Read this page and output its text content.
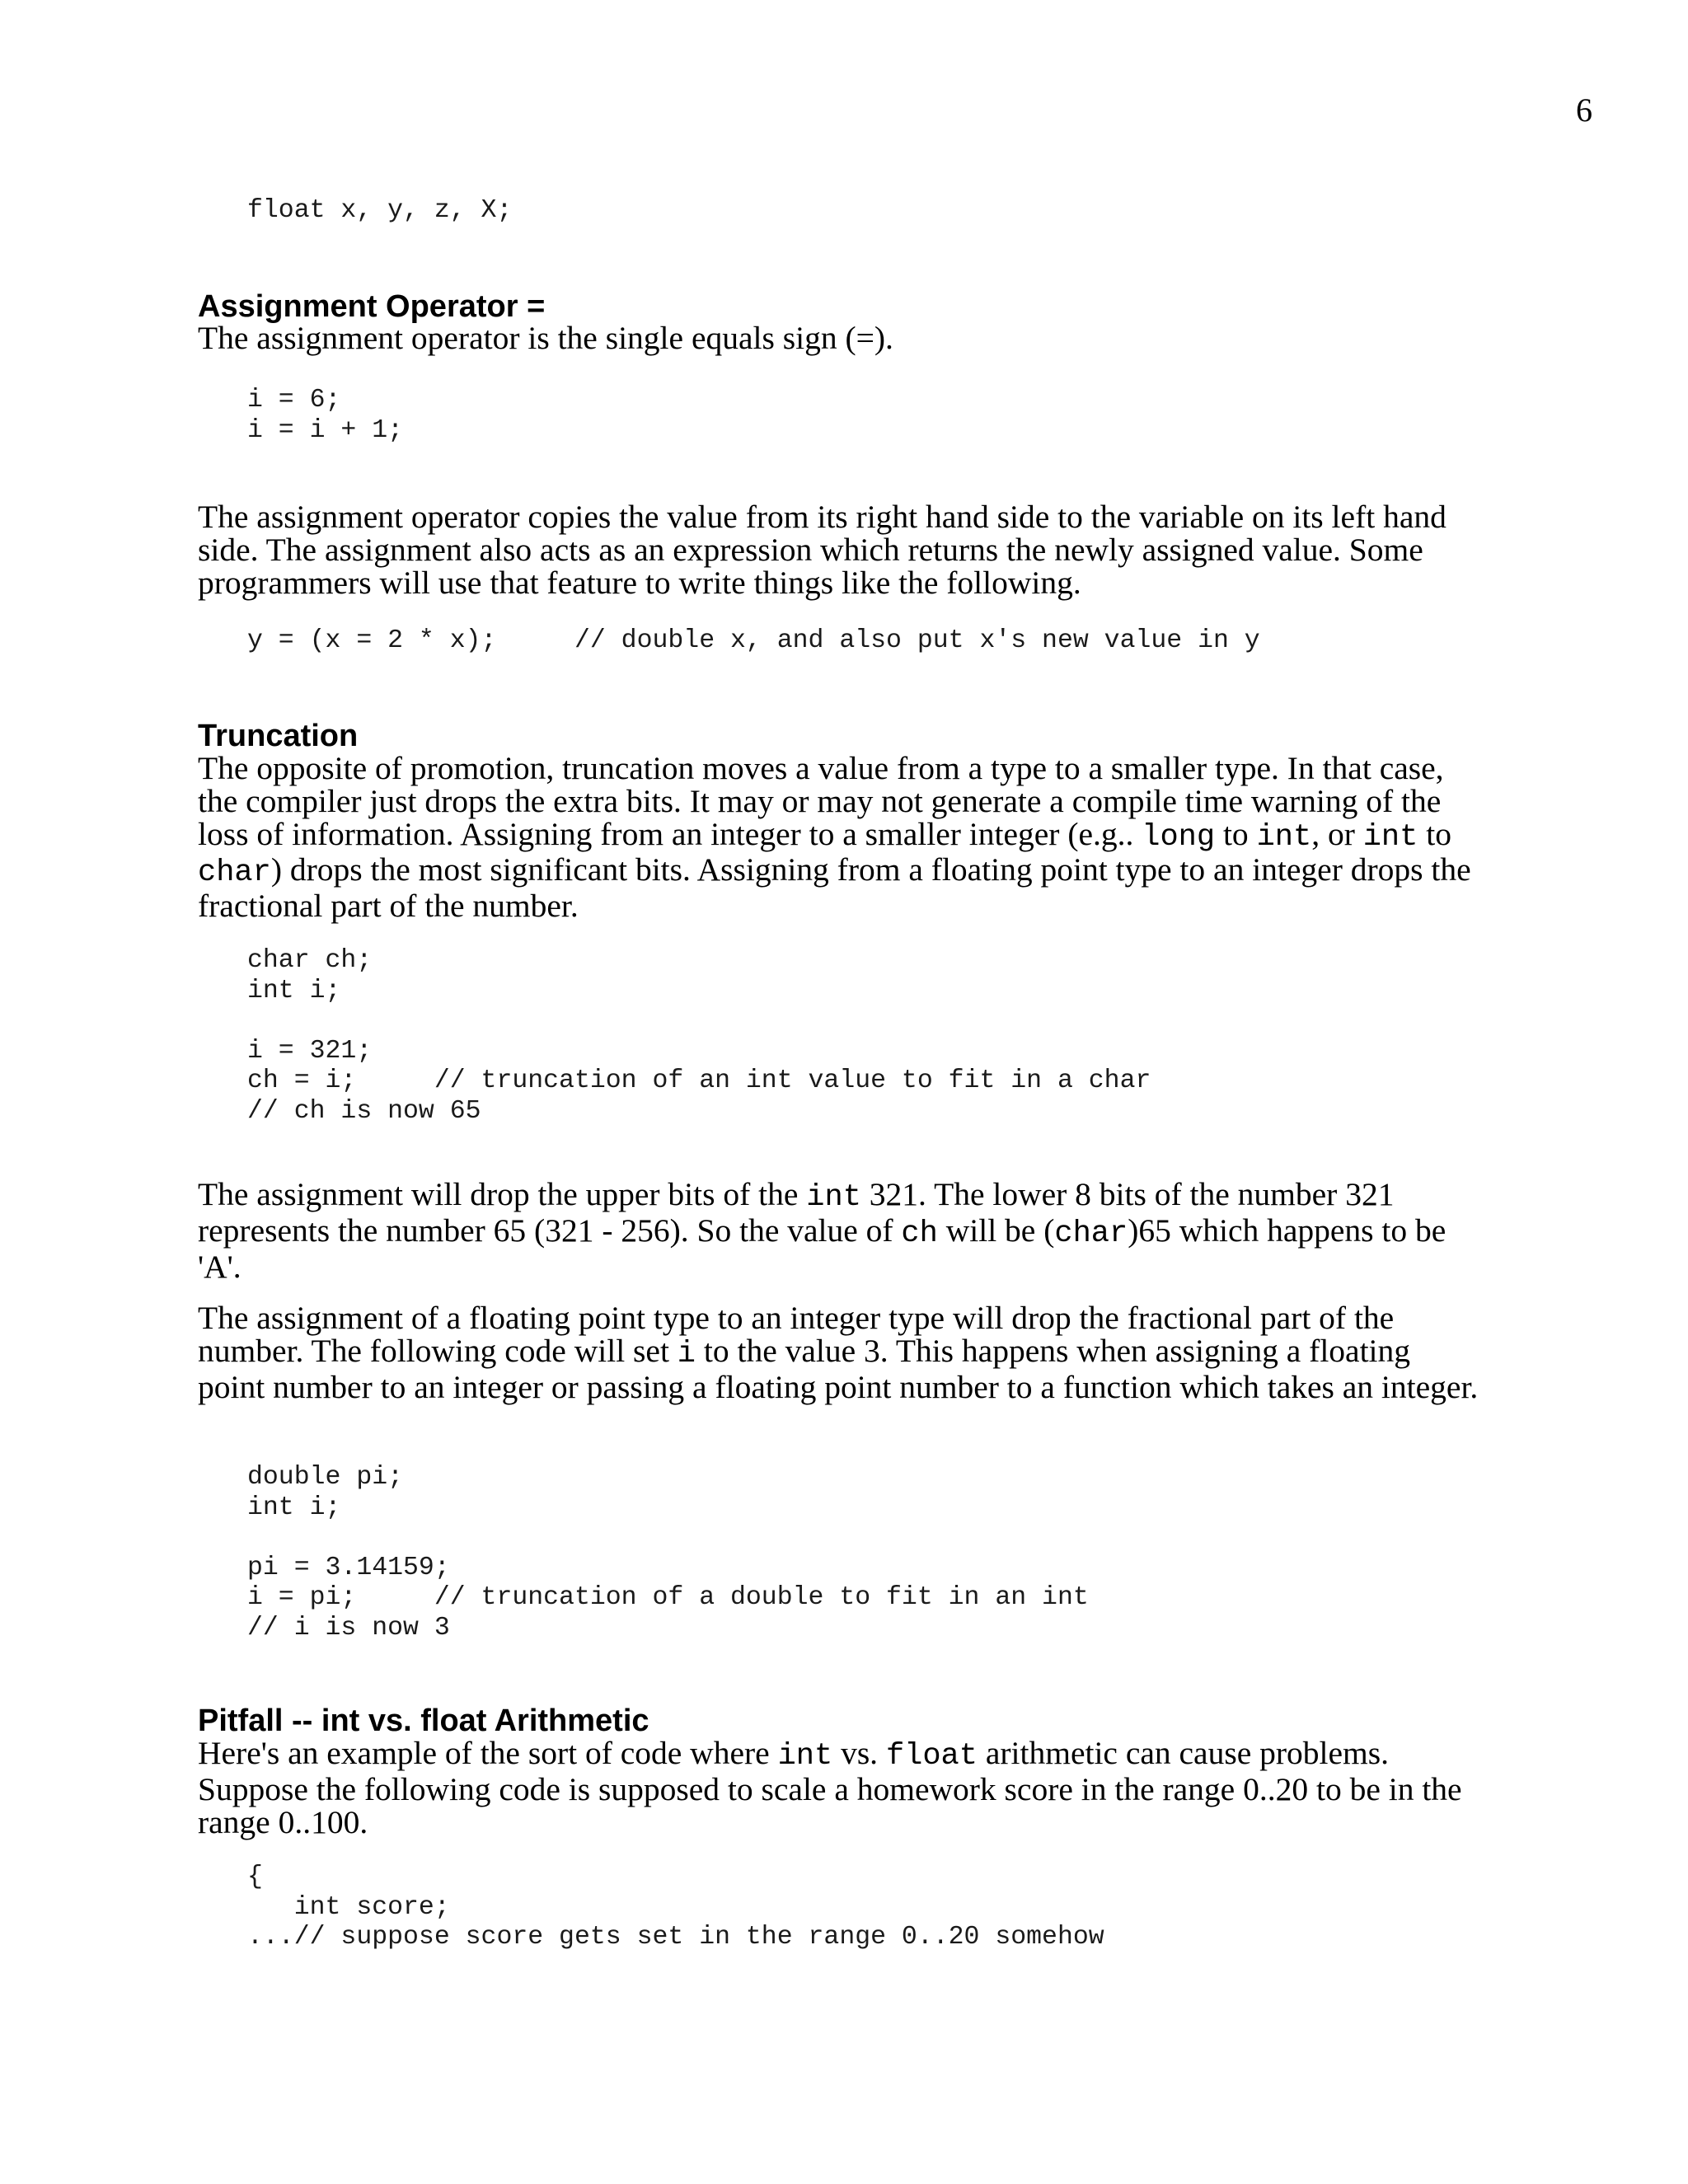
6
float x, y, z, X;
Assignment Operator =

The assignment operator is the single equals sign (=).

i = 6;
i = i + 1;

The assignment operator copies the value from its right hand side to the variable on its left hand side. The assignment also acts as an expression which returns the newly assigned value. Some programmers will use that feature to write things like the following.

y = (x = 2 * x);     // double x, and also put x's new value in y
Truncation

The opposite of promotion, truncation moves a value from a type to a smaller type. In that case, the compiler just drops the extra bits. It may or may not generate a compile time warning of the loss of information. Assigning from an integer to a smaller integer (e.g.. long to int, or int to char) drops the most significant bits. Assigning from a floating point type to an integer drops the fractional part of the number.

char ch;
int i;

i = 321;
ch = i;     // truncation of an int value to fit in a char
// ch is now 65

The assignment will drop the upper bits of the int 321. The lower 8 bits of the number 321 represents the number 65 (321 - 256). So the value of ch will be (char)65 which happens to be 'A'.

The assignment of a floating point type to an integer type will drop the fractional part of the number. The following code will set i to the value 3. This happens when assigning a floating point number to an integer or passing a floating point number to a function which takes an integer.

double pi;
int i;

pi = 3.14159;
i = pi;     // truncation of a double to fit in an int
// i is now 3
Pitfall -- int vs. float Arithmetic

Here's an example of the sort of code where int vs. float arithmetic can cause problems. Suppose the following code is supposed to scale a homework score in the range 0..20 to be in the range 0..100.

{
int score;
...// suppose score gets set in the range 0..20 somehow
